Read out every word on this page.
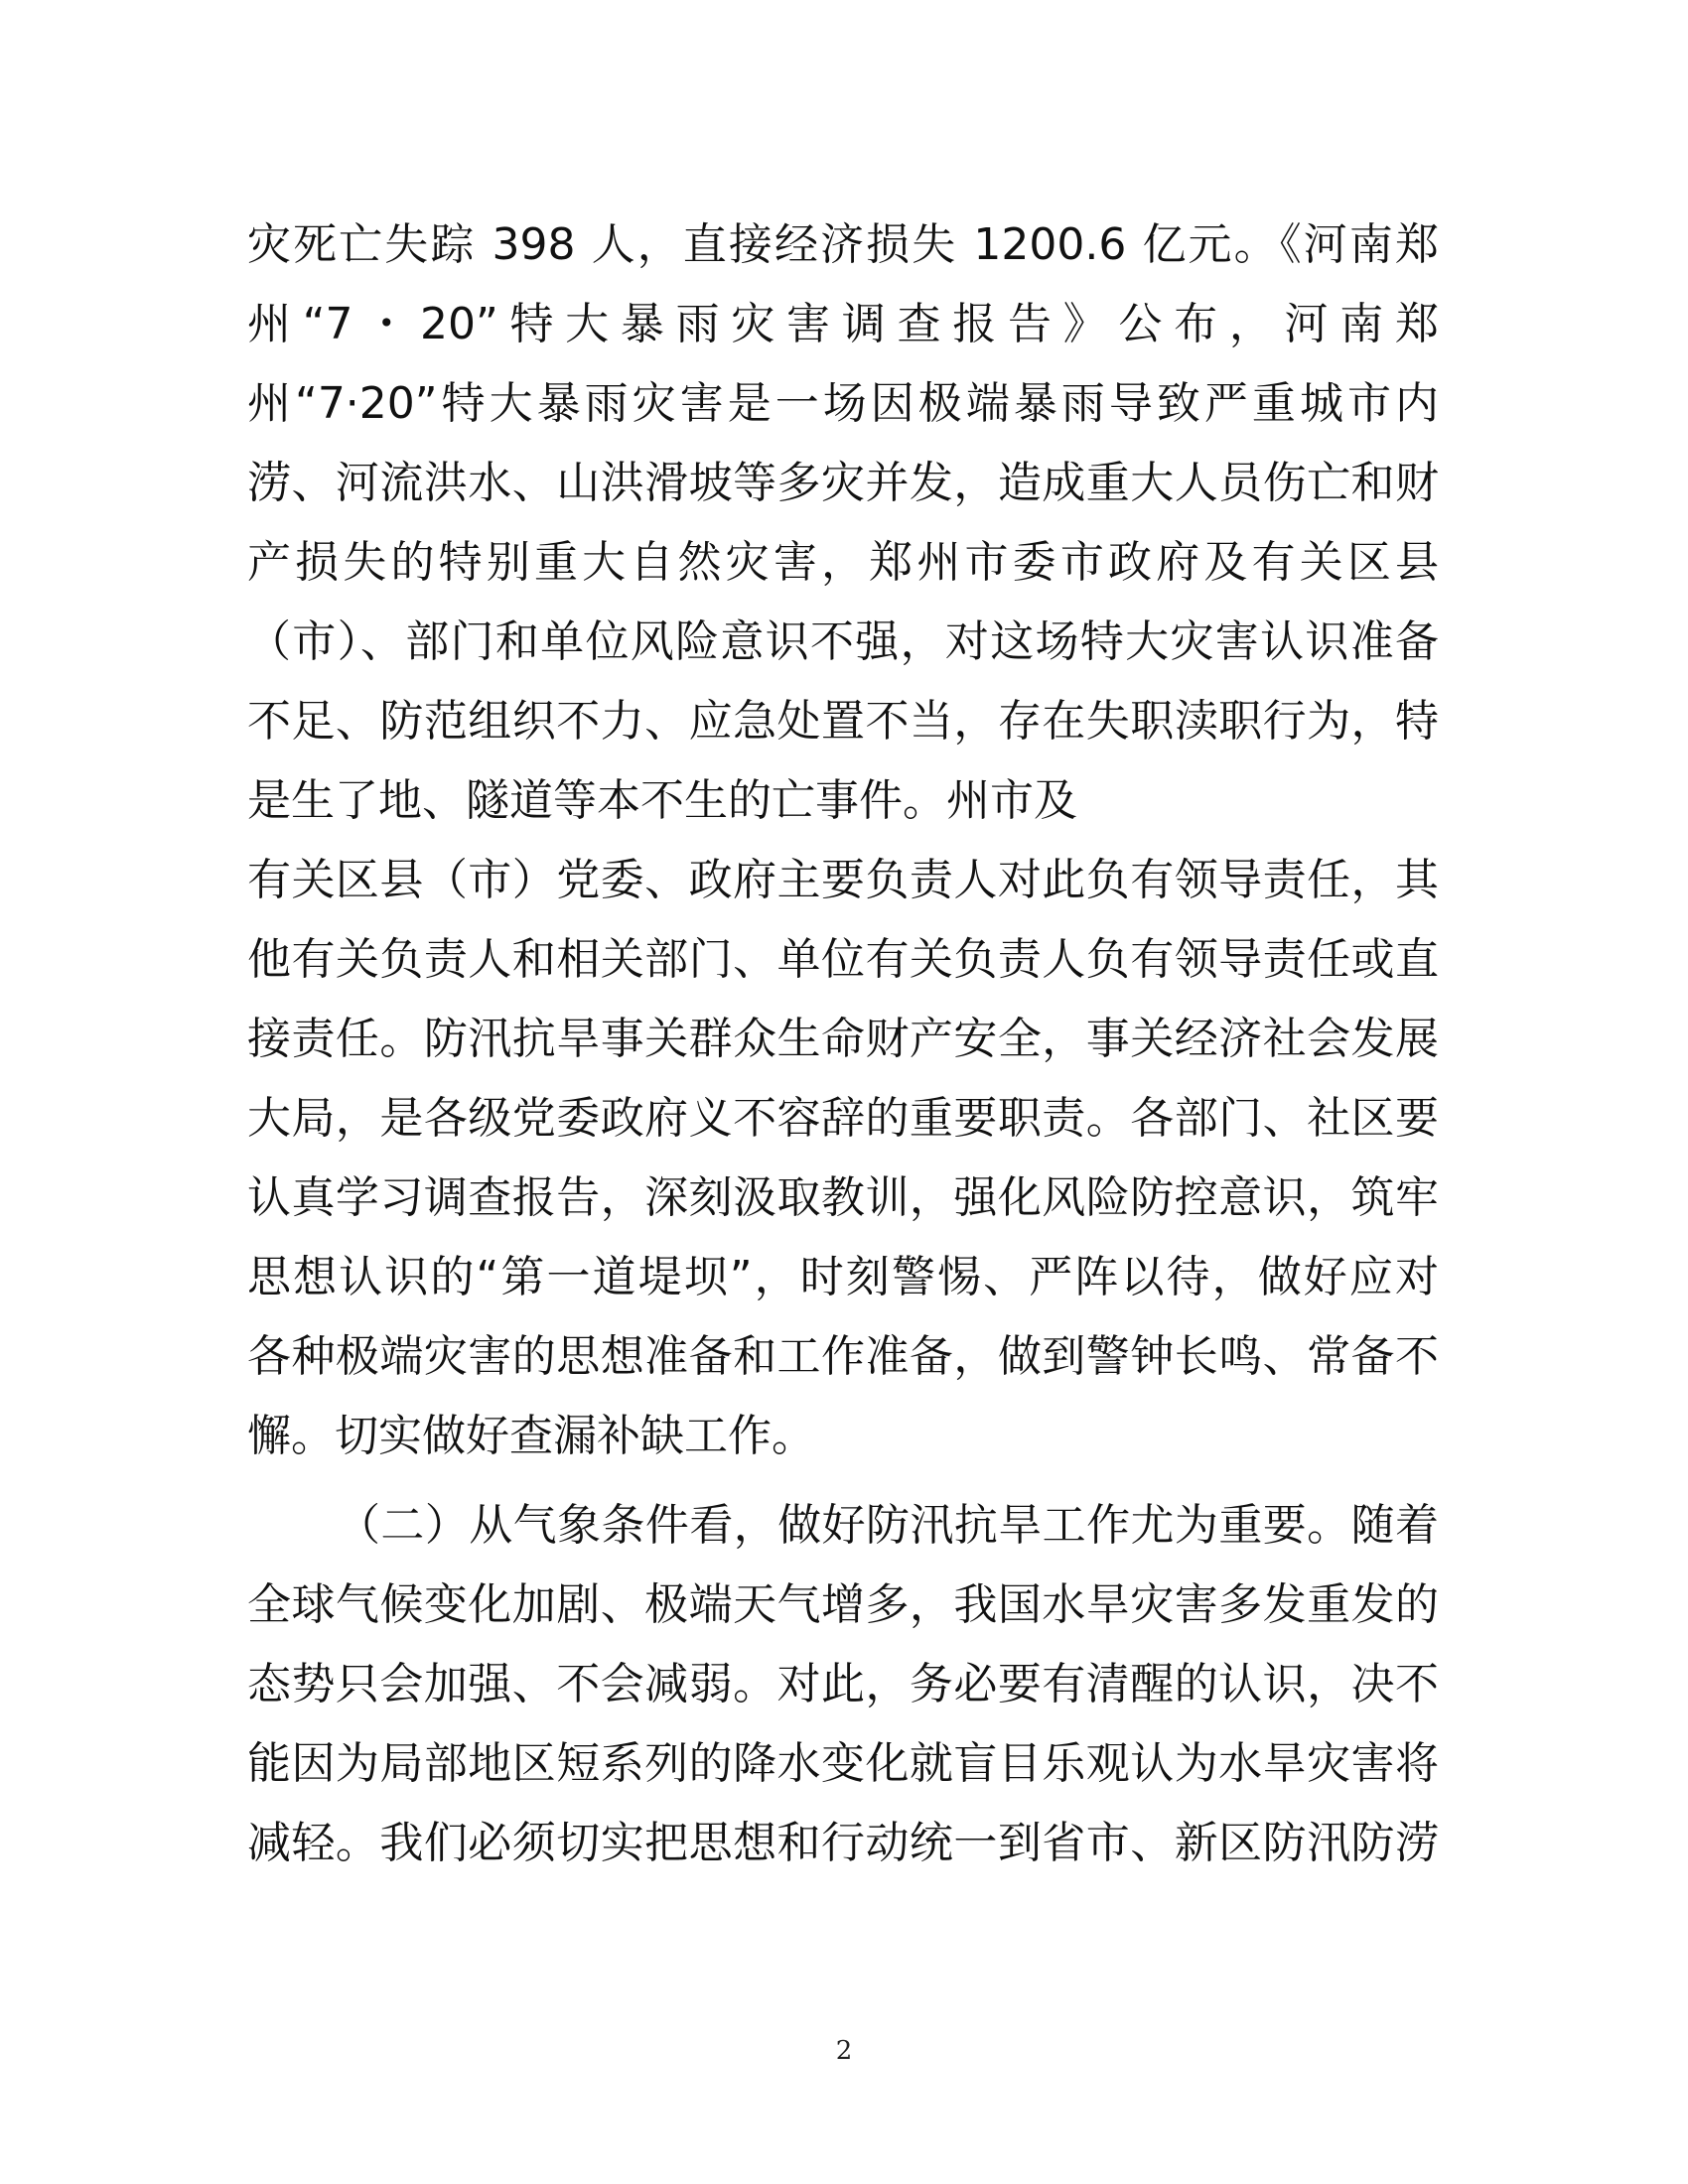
灾死亡失踪 398 人，直接经济损失 1200.6 亿元。《河南郑
州“7・20”特大暴雨灾害调查报告》公布，河南郑
州“7·20”特大暴雨灾害是一场因极端暴雨导致严重城市内
涝、河流洪水、山洪滑坡等多灾并发，造成重大人员伤亡和财
产损失的特别重大自然灾害，郑州市委市政府及有关区县
（市）、部门和单位风险意识不强，对这场特大灾害认识准备
不足、防范组织不力、应急处置不当，存在失职渎职行为，特
是生了地、隧道等本不生的亡事件。州市及
有关区县（市）党委、政府主要负责人对此负有领导责任，其
他有关负责人和相关部门、单位有关负责人负有领导责任或直
接责任。防汛抗旱事关群众生命财产安全，事关经济社会发展
大局，是各级党委政府义不容辞的重要职责。各部门、社区要
认真学习调查报告，深刻汲取教训，强化风险防控意识，筑牢
思想认识的“第一道堤坝”，时刻警惕、严阵以待，做好应对
各种极端灾害的思想准备和工作准备，做到警钟长鸣、常备不
懈。切实做好查漏补缺工作。
（二）从气象条件看，做好防汛抗旱工作尤为重要。随着
全球气候变化加剧、极端天气增多，我国水旱灾害多发重发的
态势只会加强、不会减弱。对此，务必要有清醒的认识，决不
能因为局部地区短系列的降水变化就盲目乐观认为水旱灾害将
减轻。我们必须切实把思想和行动统一到省市、新区防汛防涝
2
